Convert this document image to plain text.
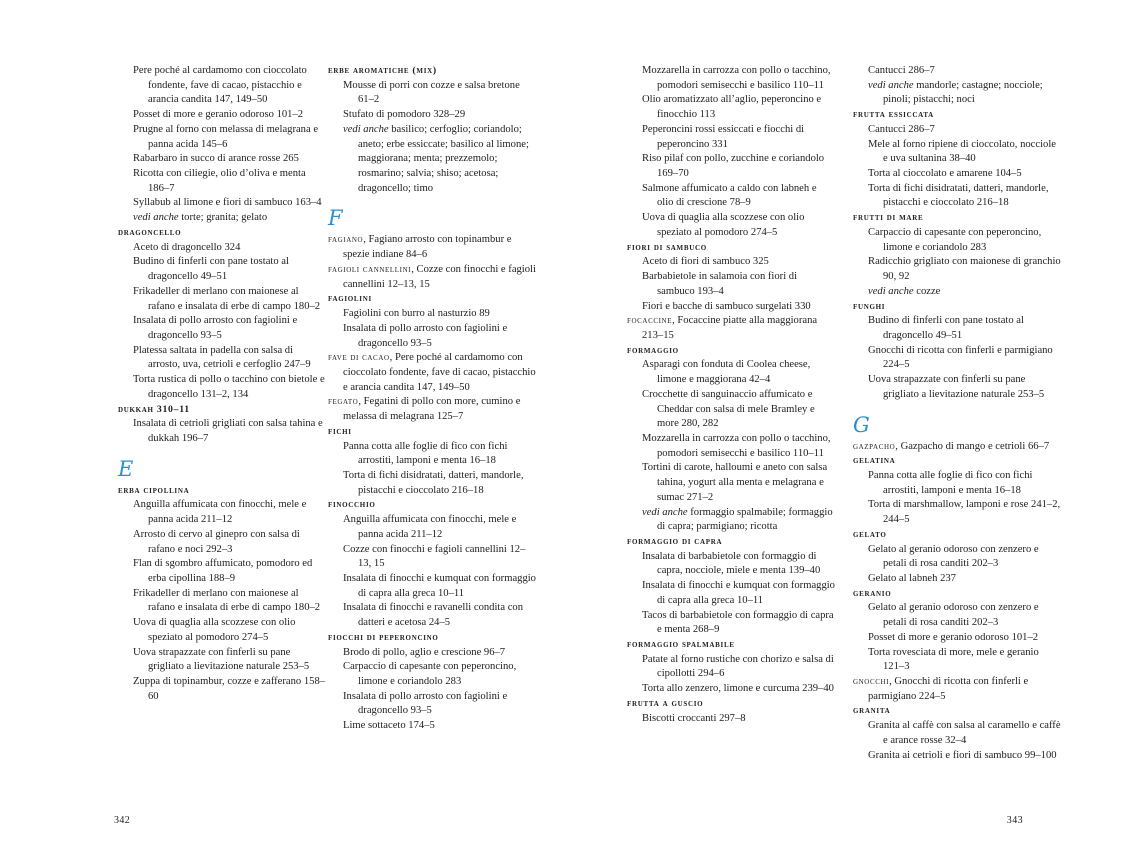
Pere poché al cardamomo con cioccolato fondente, fave di cacao, pistacchio e arancia candita 147, 149–50
Posset di more e geranio odoroso 101–2
Prugne al forno con melassa di melagrana e panna acida 145–6
Rabarbaro in succo di arance rosse 265
Ricotta con ciliegie, olio d’oliva e menta 186–7
Syllabub al limone e fiori di sambuco 163–4
vedi anche torte; granita; gelato
dragoncello
Aceto di dragoncello 324
Budino di finferli con pane tostato al dragoncello 49–51
Frikadeller di merlano con maionese al rafano e insalata di erbe di campo 180–2
Insalata di pollo arrosto con fagiolini e dragoncello 93–5
Platessa saltata in padella con salsa di arrosto, uva, cetrioli e cerfoglio 247–9
Torta rustica di pollo o tacchino con bietole e dragoncello 131–2, 134
dukkah 310–11
Insalata di cetrioli grigliati con salsa tahina e dukkah 196–7
E
erba cipollina
Anguilla affumicata con finocchi, mele e panna acida 211–12
Arrosto di cervo al ginepro con salsa di rafano e noci 292–3
Flan di sgombro affumicato, pomodoro ed erba cipollina 188–9
Frikadeller di merlano con maionese al rafano e insalata di erbe di campo 180–2
Uova di quaglia alla scozzese con olio speziato al pomodoro 274–5
Uova strapazzate con finferli su pane grigliato a lievitazione naturale 253–5
Zuppa di topinambur, cozze e zafferano 158–60
erbe aromatiche (mix)
Mousse di porri con cozze e salsa bretone 61–2
Stufato di pomodoro 328–29
vedi anche basilico; cerfoglio; coriandolo; aneto; erbe essiccate; basilico al limone; maggiorana; menta; prezzemolo; rosmarino; salvia; shiso; acetosa; dragoncello; timo
F
fagiano, Fagiano arrosto con topinambur e spezie indiane 84–6
fagioli cannellini, Cozze con finocchi e fagioli cannellini 12–13, 15
fagiolini
Fagiolini con burro al nasturzio 89
Insalata di pollo arrosto con fagiolini e dragoncello 93–5
fave di cacao, Pere poché al cardamomo con cioccolato fondente, fave di cacao, pistacchio e arancia candita 147, 149–50
fegato, Fegatini di pollo con more, cumino e melassa di melagrana 125–7
fichi
Panna cotta alle foglie di fico con fichi arrostiti, lamponi e menta 16–18
Torta di fichi disidratati, datteri, mandorle, pistacchi e cioccolato 216–18
finocchio
Anguilla affumicata con finocchi, mele e panna acida 211–12
Cozze con finocchi e fagioli cannellini 12–13, 15
Insalata di finocchi e kumquat con formaggio di capra alla greca 10–11
Insalata di finocchi e ravanelli condita con datteri e acetosa 24–5
fiocchi di peperoncino
Brodo di pollo, aglio e crescione 96–7
Carpaccio di capesante con peperoncino, limone e coriandolo 283
Insalata di pollo arrosto con fagiolini e dragoncello 93–5
Lime sottaceto 174–5
Mozzarella in carrozza con pollo o tacchino, pomodori semisecchi e basilico 110–11
Olio aromatizzato all’aglio, peperoncino e finocchio 113
Peperoncini rossi essiccati e fiocchi di peperoncino 331
Riso pilaf con pollo, zucchine e coriandolo 169–70
Salmone affumicato a caldo con labneh e olio di crescione 78–9
Uova di quaglia alla scozzese con olio speziato al pomodoro 274–5
fiori di sambuco
Aceto di fiori di sambuco 325
Barbabietole in salamoia con fiori di sambuco 193–4
Fiori e bacche di sambuco surgelati 330
focaccine, Focaccine piatte alla maggiorana 213–15
formaggio
Asparagi con fonduta di Coolea cheese, limone e maggiorana 42–4
Crocchette di sanguinaccio affumicato e Cheddar con salsa di mele Bramley e more 280, 282
Mozzarella in carrozza con pollo o tacchino, pomodori semisecchi e basilico 110–11
Tortini di carote, halloumi e aneto con salsa tahina, yogurt alla menta e melagrana e sumac 271–2
vedi anche formaggio spalmabile; formaggio di capra; parmigiano; ricotta
formaggio di capra
Insalata di barbabietole con formaggio di capra, nocciole, miele e menta 139–40
Insalata di finocchi e kumquat con formaggio di capra alla greca 10–11
Tacos di barbabietole con formaggio di capra e menta 268–9
formaggio spalmabile
Patate al forno rustiche con chorizo e salsa di cipollotti 294–6
Torta allo zenzero, limone e curcuma 239–40
frutta a guscio
Biscotti croccanti 297–8
Cantucci 286–7
vedi anche mandorle; castagne; nocciole; pinoli; pistacchi; noci
frutta essiccata
Cantucci 286–7
Mele al forno ripiene di cioccolato, nocciole e uva sultanina 38–40
Torta al cioccolato e amarene 104–5
Torta di fichi disidratati, datteri, mandorle, pistacchi e cioccolato 216–18
frutti di mare
Carpaccio di capesante con peperoncino, limone e coriandolo 283
Radicchio grigliato con maionese di granchio 90, 92
vedi anche cozze
funghi
Budino di finferli con pane tostato al dragoncello 49–51
Gnocchi di ricotta con finferli e parmigiano 224–5
Uova strapazzate con finferli su pane grigliato a lievitazione naturale 253–5
G
gazpacho, Gazpacho di mango e cetrioli 66–7
gelatina
Panna cotta alle foglie di fico con fichi arrostiti, lamponi e menta 16–18
Torta di marshmallow, lamponi e rose 241–2, 244–5
gelato
Gelato al geranio odoroso con zenzero e petali di rosa canditi 202–3
Gelato al labneh 237
geranio
Gelato al geranio odoroso con zenzero e petali di rosa canditi 202–3
Posset di more e geranio odoroso 101–2
Torta rovesciata di more, mele e geranio 121–3
gnocchi, Gnocchi di ricotta con finferli e parmigiano 224–5
granita
Granita al caffè con salsa al caramello e caffè e arance rosse 32–4
Granita ai cetrioli e fiori di sambuco 99–100
342	343
